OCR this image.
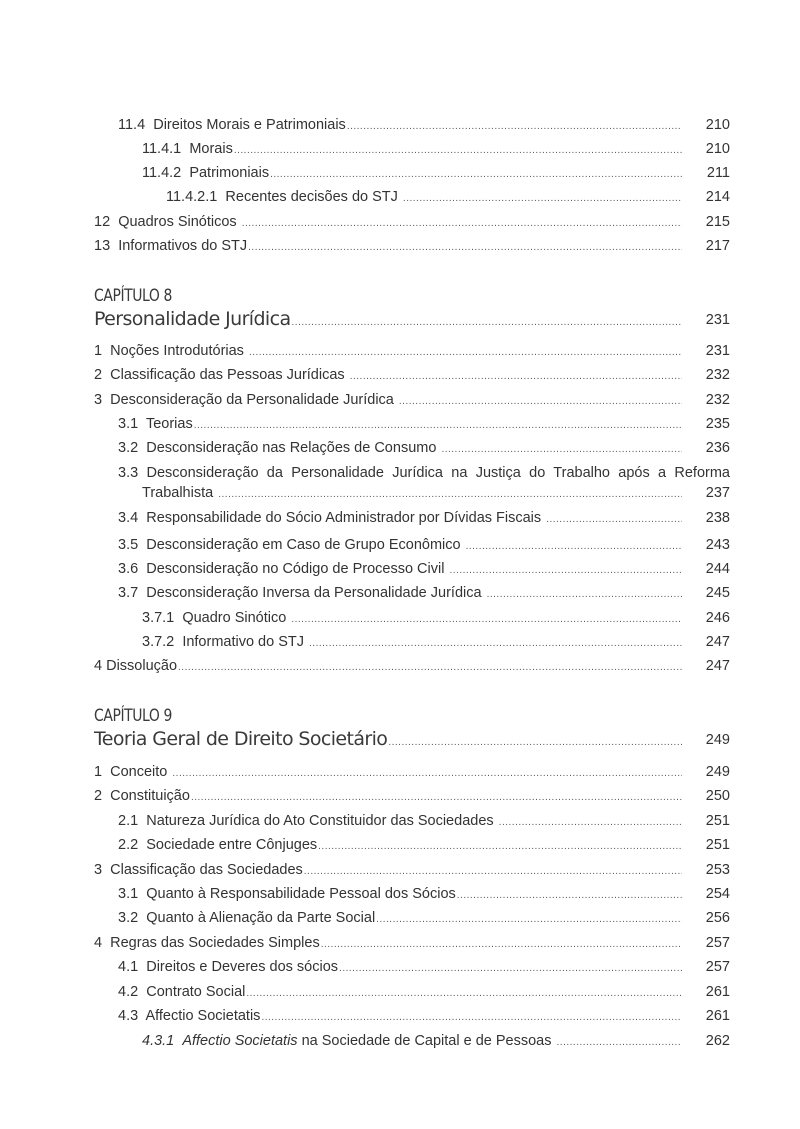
11.4 Direitos Morais e Patrimoniais .....	210
11.4.1 Morais .....	210
11.4.2 Patrimoniais .....	211
11.4.2.1 Recentes decisões do STJ .....	214
12 Quadros Sinóticos .....	215
13 Informativos do STJ .....	217
CAPÍTULO 8
Personalidade Jurídica .....	231
1 Noções Introdutórias .....	231
2 Classificação das Pessoas Jurídicas .....	232
3 Desconsideração da Personalidade Jurídica .....	232
3.1 Teorias .....	235
3.2 Desconsideração nas Relações de Consumo .....	236
3.3 Desconsideração da Personalidade Jurídica na Justiça do Trabalho após a Reforma
Trabalhista .....	237
3.4 Responsabilidade do Sócio Administrador por Dívidas Fiscais .....	238
3.5 Desconsideração em Caso de Grupo Econômico .....	243
3.6 Desconsideração no Código de Processo Civil .....	244
3.7 Desconsideração Inversa da Personalidade Jurídica .....	245
3.7.1 Quadro Sinótico .....	246
3.7.2 Informativo do STJ .....	247
4 Dissolução .....	247
CAPÍTULO 9
Teoria Geral de Direito Societário .....	249
1 Conceito .....	249
2 Constituição .....	250
2.1 Natureza Jurídica do Ato Constituidor das Sociedades .....	251
2.2 Sociedade entre Cônjuges .....	251
3 Classificação das Sociedades .....	253
3.1 Quanto à Responsabilidade Pessoal dos Sócios .....	254
3.2 Quanto à Alienação da Parte Social .....	256
4 Regras das Sociedades Simples .....	257
4.1 Direitos e Deveres dos sócios .....	257
4.2 Contrato Social .....	261
4.3 Affectio Societatis .....	261
4.3.1 Affectio Societatis na Sociedade de Capital e de Pessoas .....	262
